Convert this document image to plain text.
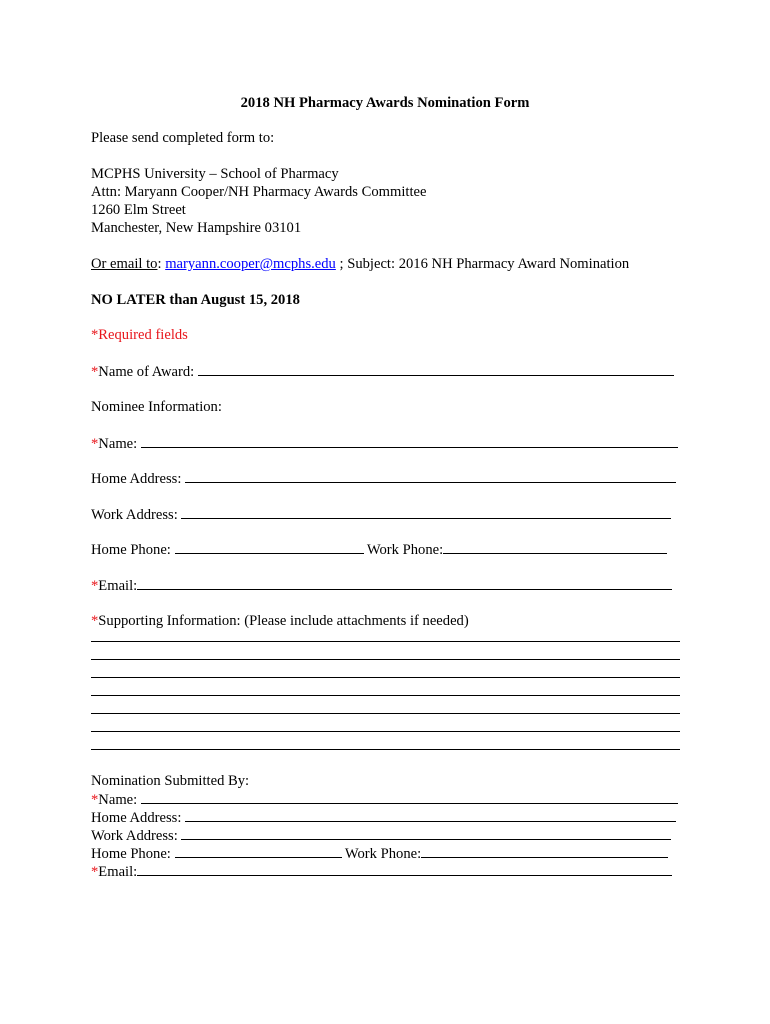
2018 NH Pharmacy Awards Nomination Form
Please send completed form to:
MCPHS University – School of Pharmacy
Attn: Maryann Cooper/NH Pharmacy Awards Committee
1260 Elm Street
Manchester, New Hampshire 03101
Or email to: maryann.cooper@mcphs.edu ; Subject: 2016 NH Pharmacy Award Nomination
NO LATER than August 15, 2018
*Required fields
*Name of Award:
Nominee Information:
*Name:
Home Address:
Work Address:
Home Phone:	Work Phone:
*Email:
*Supporting Information: (Please include attachments if needed)
Nomination Submitted By:
*Name:
Home Address:
Work Address:
Home Phone:	Work Phone:
*Email:
